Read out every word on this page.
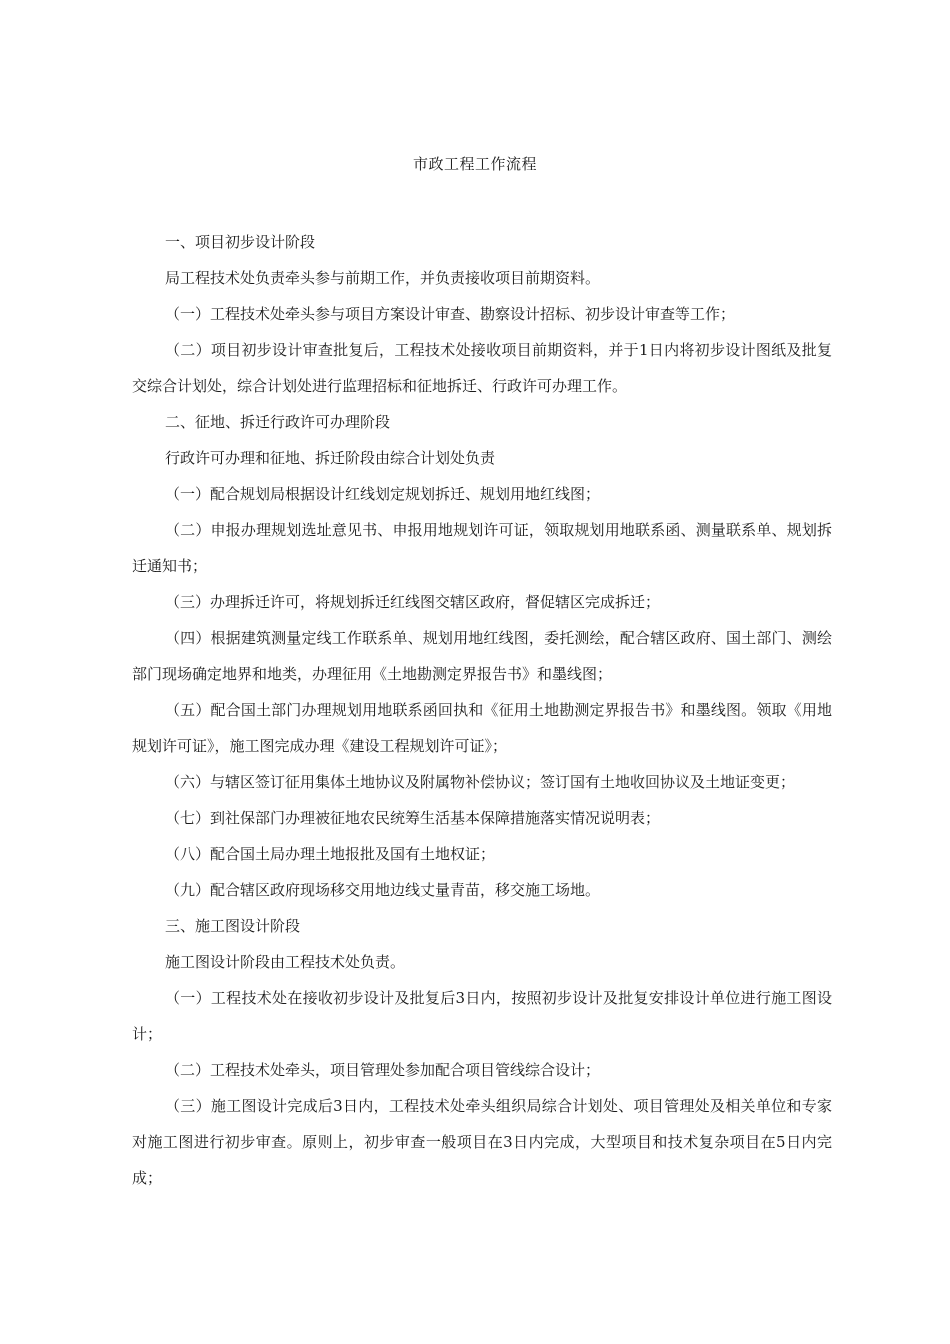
市政工程工作流程

一、项目初步设计阶段

局工程技术处负责牵头参与前期工作，并负责接收项目前期资料。

（一）工程技术处牵头参与项目方案设计审查、勘察设计招标、初步设计审查等工作；

（二）项目初步设计审查批复后，工程技术处接收项目前期资料，并于1日内将初步设计图纸及批复交综合计划处，综合计划处进行监理招标和征地拆迁、行政许可办理工作。

二、征地、拆迁行政许可办理阶段

行政许可办理和征地、拆迁阶段由综合计划处负责

（一）配合规划局根据设计红线划定规划拆迁、规划用地红线图；

（二）申报办理规划选址意见书、申报用地规划许可证，领取规划用地联系函、测量联系单、规划拆迁通知书；

（三）办理拆迁许可，将规划拆迁红线图交辖区政府，督促辖区完成拆迁；

（四）根据建筑测量定线工作联系单、规划用地红线图，委托测绘，配合辖区政府、国土部门、测绘部门现场确定地界和地类，办理征用《土地勘测定界报告书》和墨线图；

（五）配合国土部门办理规划用地联系函回执和《征用土地勘测定界报告书》和墨线图。领取《用地规划许可证》，施工图完成办理《建设工程规划许可证》；

（六）与辖区签订征用集体土地协议及附属物补偿协议；签订国有土地收回协议及土地证变更；

（七）到社保部门办理被征地农民统筹生活基本保障措施落实情况说明表；

（八）配合国土局办理土地报批及国有土地权证；

（九）配合辖区政府现场移交用地边线丈量青苗，移交施工场地。

三、施工图设计阶段

施工图设计阶段由工程技术处负责。

（一）工程技术处在接收初步设计及批复后3日内，按照初步设计及批复安排设计单位进行施工图设计；

（二）工程技术处牵头，项目管理处参加配合项目管线综合设计；

（三）施工图设计完成后3日内，工程技术处牵头组织局综合计划处、项目管理处及相关单位和专家对施工图进行初步审查。原则上，初步审查一般项目在3日内完成，大型项目和技术复杂项目在5日内完成；
